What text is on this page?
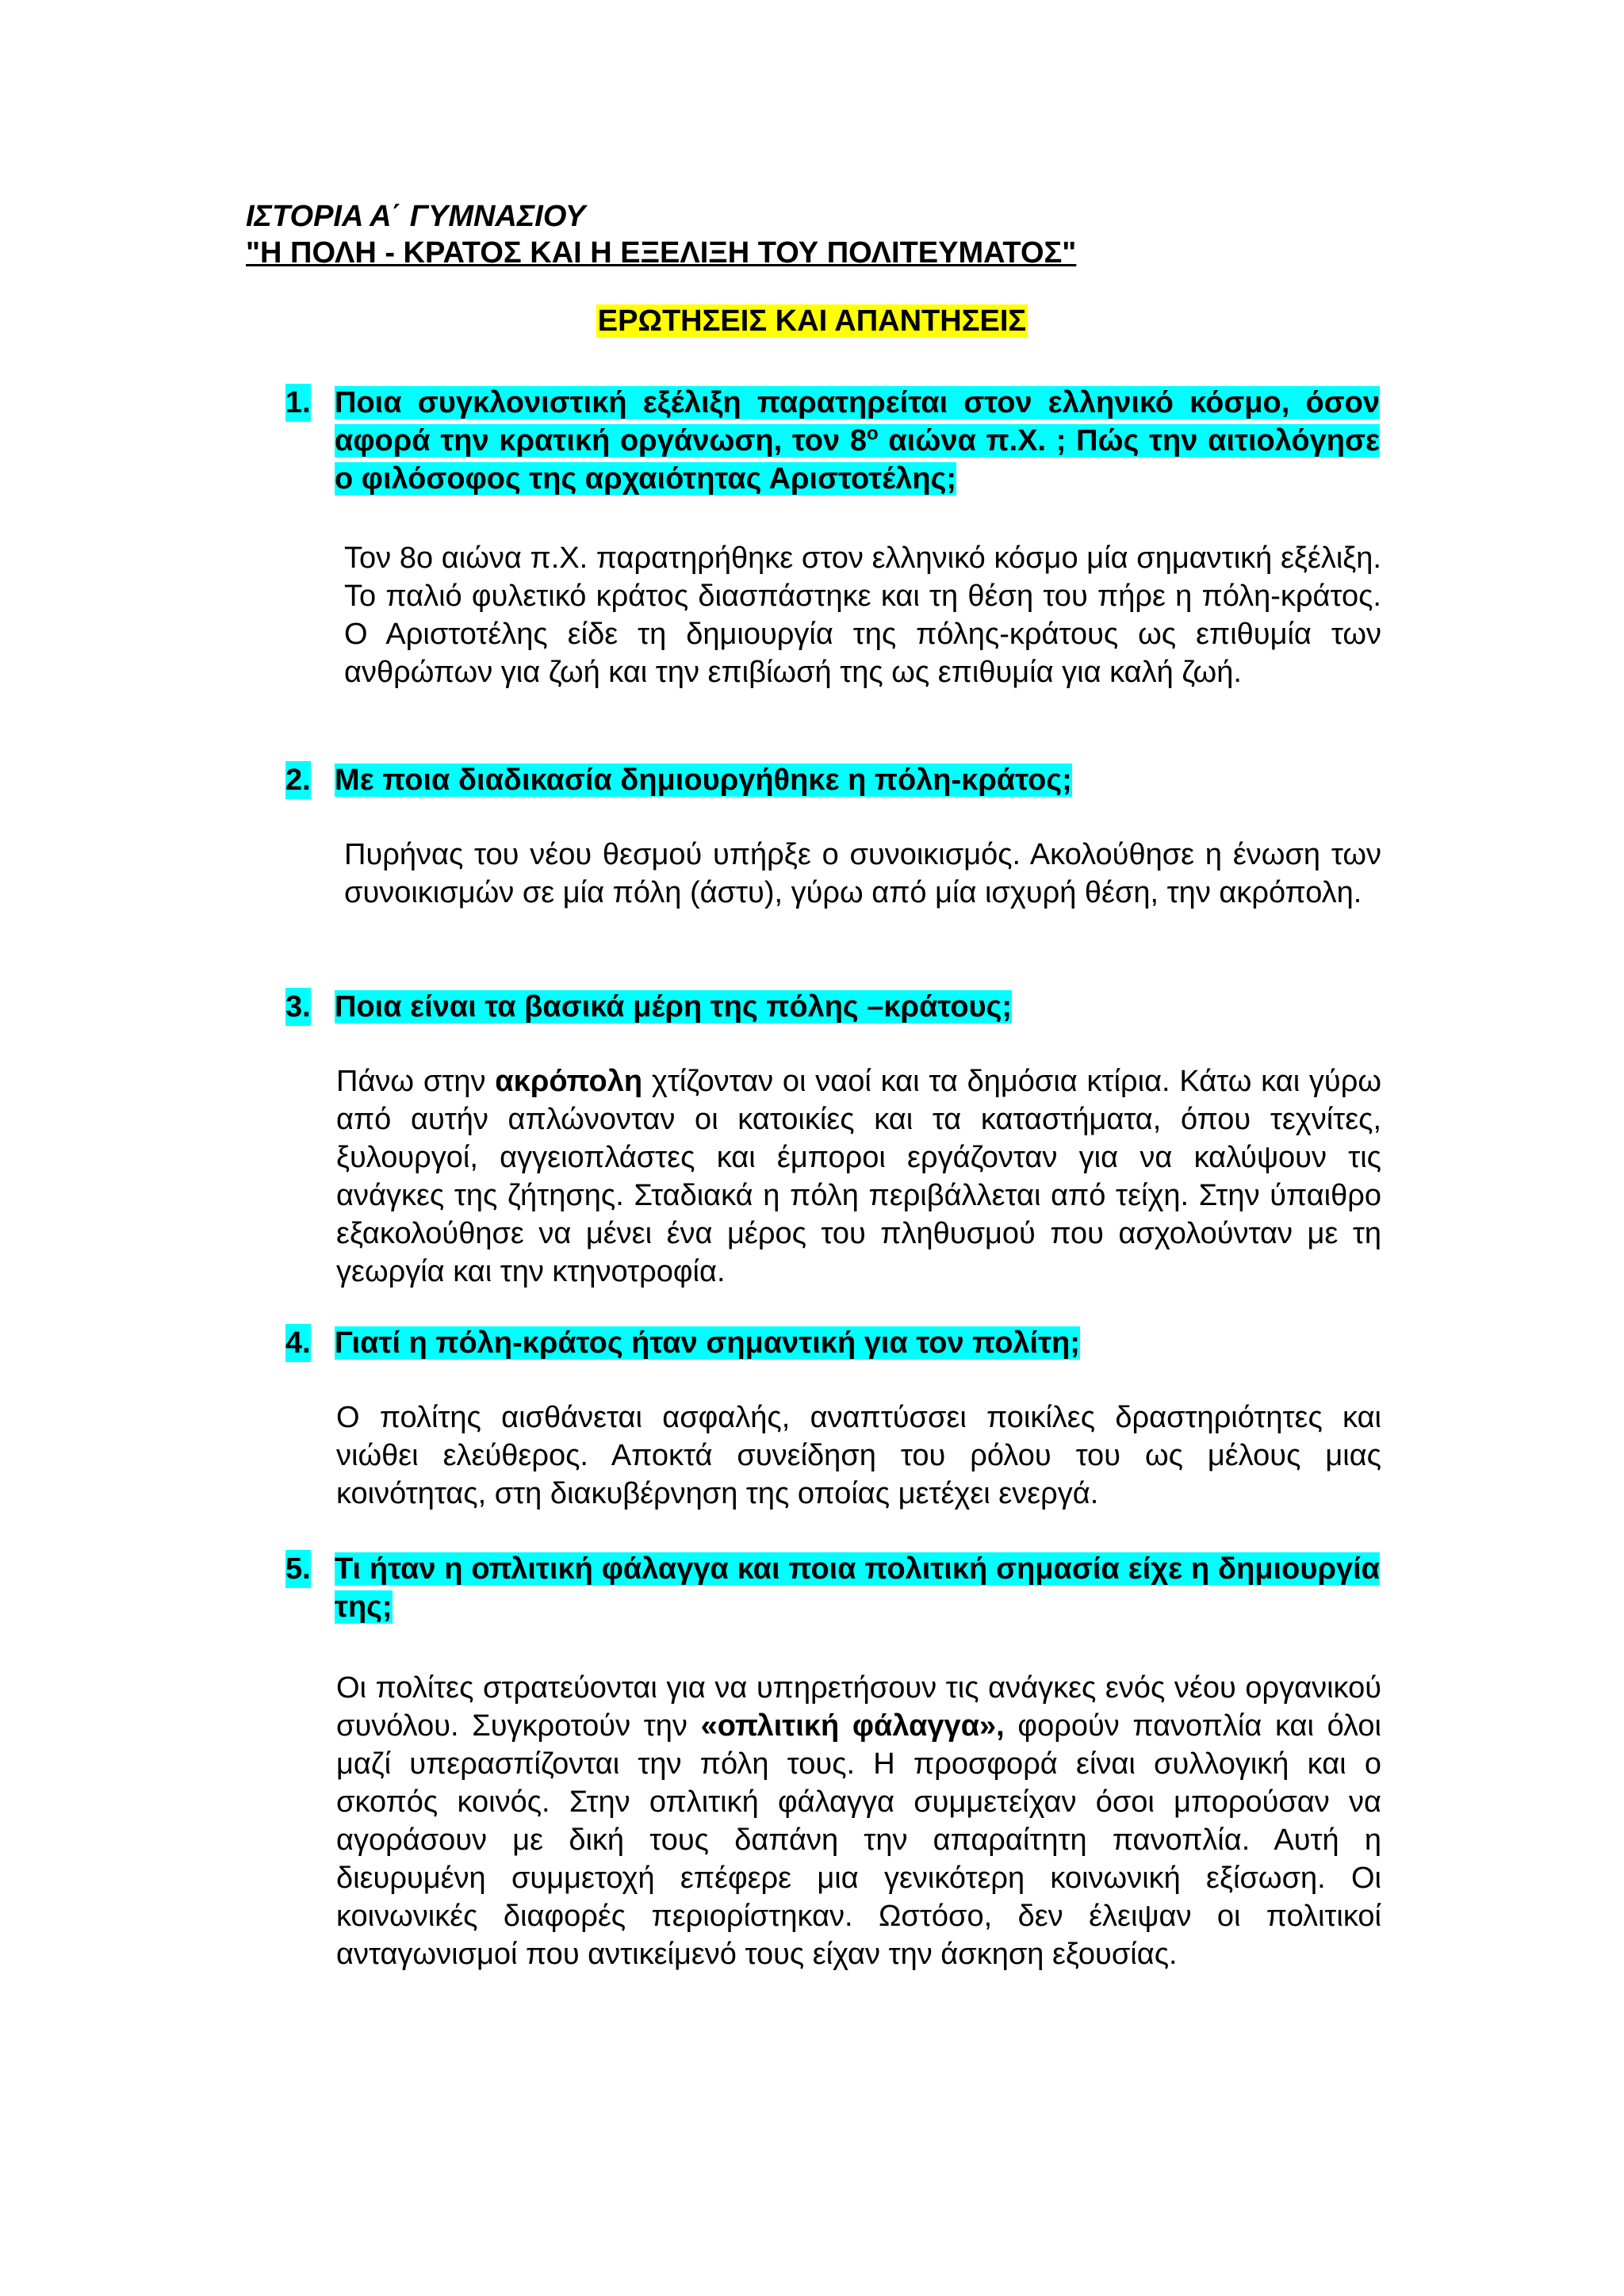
ΙΣΤΟΡΙΑ Α΄ ΓΥΜΝΑΣΙΟΥ
"Η ΠΟΛΗ - ΚΡΑΤΟΣ ΚΑΙ Η ΕΞΕΛΙΞΗ ΤΟΥ ΠΟΛΙΤΕΥΜΑΤΟΣ"
ΕΡΩΤΗΣΕΙΣ ΚΑΙ ΑΠΑΝΤΗΣΕΙΣ
1. Ποια συγκλονιστική εξέλιξη παρατηρείται στον ελληνικό κόσμο, όσον αφορά την κρατική οργάνωση, τον $8^o$ αιώνα π.Χ. ; Πώς την αιτιολόγησε ο φιλόσοφος της αρχαιότητας Αριστοτέλης;
Τον 8ο αιώνα π.Χ. παρατηρήθηκε στον ελληνικό κόσμο μία σημαντική εξέλιξη. Το παλιό φυλετικό κράτος διασπάστηκε και τη θέση του πήρε η πόλη-κράτος. Ο Αριστοτέλης είδε τη δημιουργία της πόλης-κράτους ως επιθυμία των ανθρώπων για ζωή και την επιβίωσή της ως επιθυμία για καλή ζωή.
2. Με ποια διαδικασία δημιουργήθηκε η πόλη-κράτος;
Πυρήνας του νέου θεσμού υπήρξε ο συνοικισμός. Ακολούθησε η ένωση των συνοικισμών σε μία πόλη (άστυ), γύρω από μία ισχυρή θέση, την ακρόπολη.
3. Ποια είναι τα βασικά μέρη της πόλης –κράτους;
Πάνω στην ακρόπολη χτίζονταν οι ναοί και τα δημόσια κτίρια. Κάτω και γύρω από αυτήν απλώνονταν οι κατοικίες και τα καταστήματα, όπου τεχνίτες, ξυλουργοί, αγγειοπλάστες και έμποροι εργάζονταν για να καλύψουν τις ανάγκες της ζήτησης. Σταδιακά η πόλη περιβάλλεται από τείχη. Στην ύπαιθρο εξακολούθησε να μένει ένα μέρος του πληθυσμού που ασχολούνταν με τη γεωργία και την κτηνοτροφία.
4. Γιατί η πόλη-κράτος ήταν σημαντική για τον πολίτη;
Ο πολίτης αισθάνεται ασφαλής, αναπτύσσει ποικίλες δραστηριότητες και νιώθει ελεύθερος. Αποκτά συνείδηση του ρόλου του ως μέλους μιας κοινότητας, στη διακυβέρνηση της οποίας μετέχει ενεργά.
5. Τι ήταν η οπλιτική φάλαγγα και ποια πολιτική σημασία είχε η δημιουργία της;
Οι πολίτες στρατεύονται για να υπηρετήσουν τις ανάγκες ενός νέου οργανικού συνόλου. Συγκροτούν την «οπλιτική φάλαγγα», φορούν πανοπλία και όλοι μαζί υπερασπίζονται την πόλη τους. Η προσφορά είναι συλλογική και ο σκοπός κοινός. Στην οπλιτική φάλαγγα συμμετείχαν όσοι μπορούσαν να αγοράσουν με δική τους δαπάνη την απαραίτητη πανοπλία. Αυτή η διευρυμένη συμμετοχή επέφερε μια γενικότερη κοινωνική εξίσωση. Οι κοινωνικές διαφορές περιορίστηκαν. Ωστόσο, δεν έλειψαν οι πολιτικοί ανταγωνισμοί που αντικείμενό τους είχαν την άσκηση εξουσίας.
